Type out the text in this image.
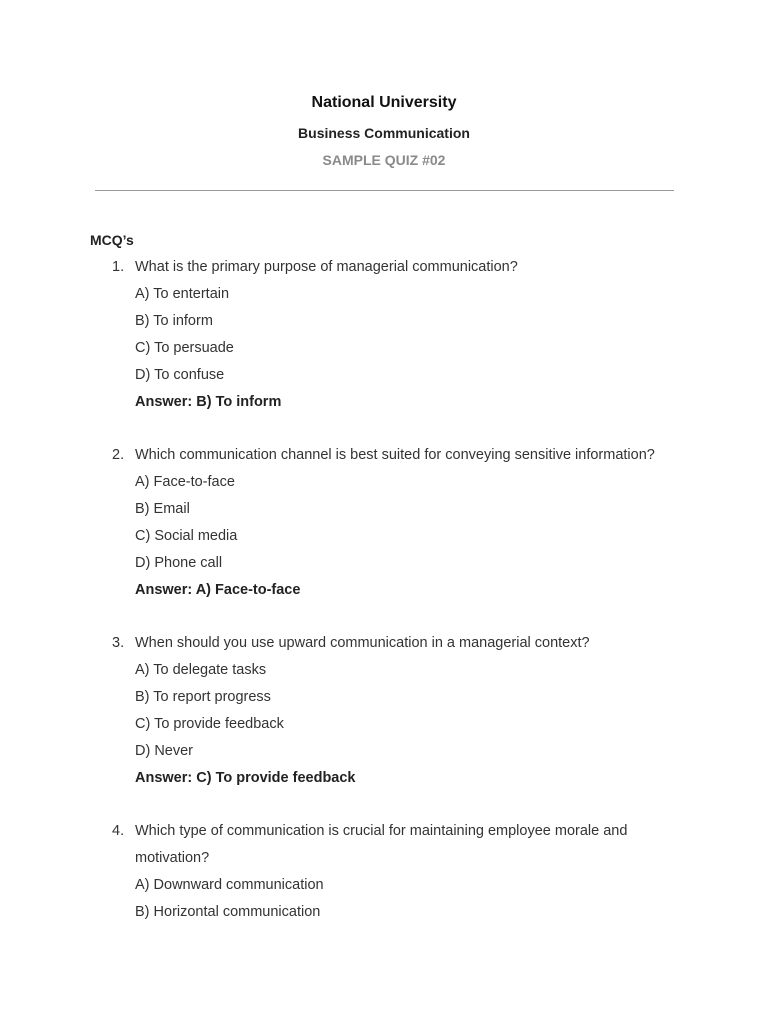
National University
Business Communication
SAMPLE QUIZ #02
MCQ’s
1. What is the primary purpose of managerial communication?
A) To entertain
B) To inform
C) To persuade
D) To confuse
Answer: B) To inform
2. Which communication channel is best suited for conveying sensitive information?
A) Face-to-face
B) Email
C) Social media
D) Phone call
Answer: A) Face-to-face
3. When should you use upward communication in a managerial context?
A) To delegate tasks
B) To report progress
C) To provide feedback
D) Never
Answer: C) To provide feedback
4. Which type of communication is crucial for maintaining employee morale and
motivation?
A) Downward communication
B) Horizontal communication
